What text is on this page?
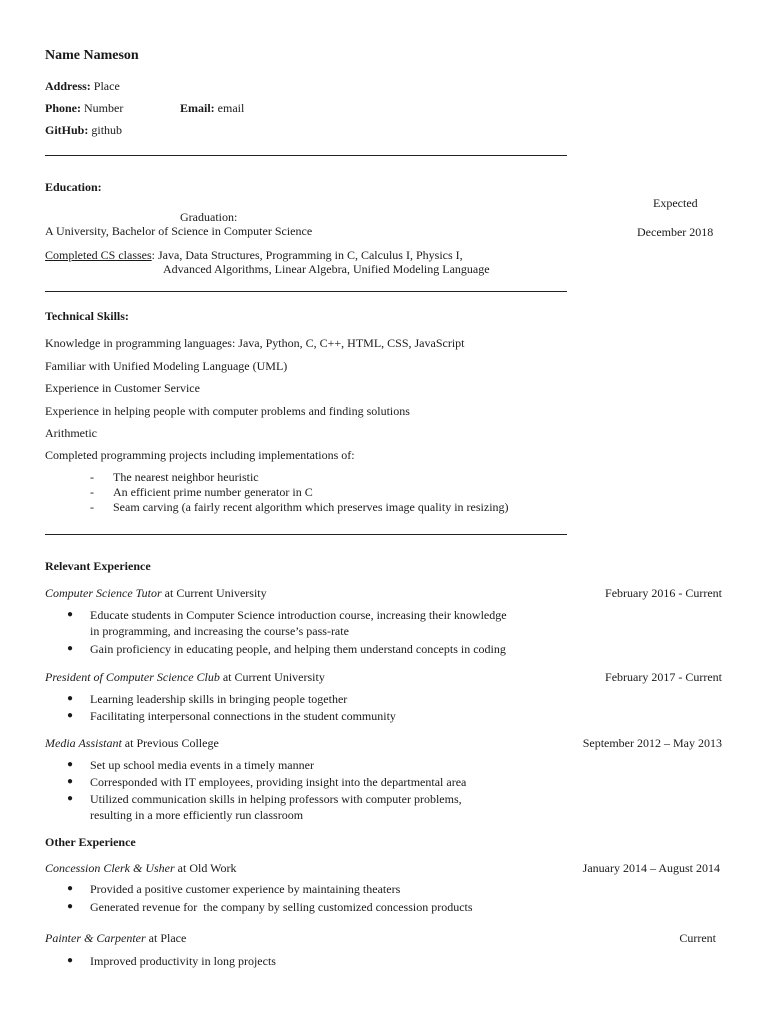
Name Nameson
Address: Place
Phone: Number	Email: email
GitHub: github
Education:
Expected
Graduation:
A University, Bachelor of Science in Computer Science	December 2018
Completed CS classes: Java, Data Structures, Programming in C, Calculus I, Physics I,
Advanced Algorithms, Linear Algebra, Unified Modeling Language
Technical Skills:
Knowledge in programming languages: Java, Python, C, C++, HTML, CSS, JavaScript
Familiar with Unified Modeling Language (UML)
Experience in Customer Service
Experience in helping people with computer problems and finding solutions
Arithmetic
Completed programming projects including implementations of:
- The nearest neighbor heuristic
- An efficient prime number generator in C
- Seam carving (a fairly recent algorithm which preserves image quality in resizing)
Relevant Experience
Computer Science Tutor at Current University	February 2016 - Current
● Educate students in Computer Science introduction course, increasing their knowledge
in programming, and increasing the course’s pass-rate
● Gain proficiency in educating people, and helping them understand concepts in coding
President of Computer Science Club at Current University	February 2017 - Current
● Learning leadership skills in bringing people together
● Facilitating interpersonal connections in the student community
Media Assistant at Previous College	September 2012 – May 2013
● Set up school media events in a timely manner
● Corresponded with IT employees, providing insight into the departmental area
● Utilized communication skills in helping professors with computer problems,
resulting in a more efficiently run classroom
Other Experience
Concession Clerk & Usher at Old Work	January 2014 – August 2014
● Provided a positive customer experience by maintaining theaters
● Generated revenue for  the company by selling customized concession products
Painter & Carpenter at Place	Current
● Improved productivity in long projects
